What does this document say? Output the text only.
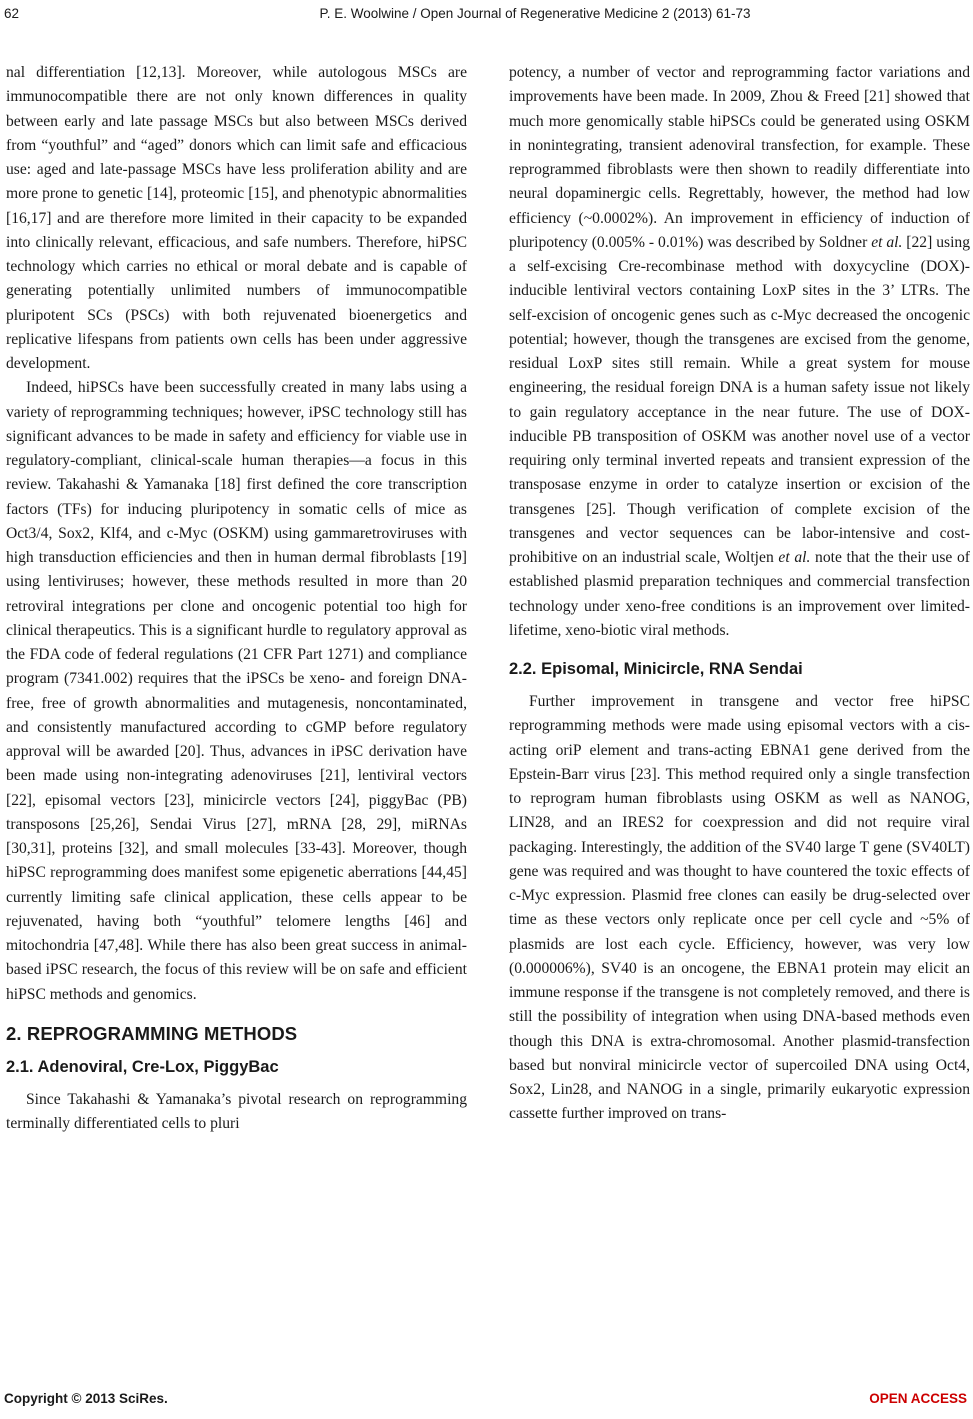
62	P. E. Woolwine / Open Journal of Regenerative Medicine 2 (2013) 61-73

nal differentiation [12,13]. Moreover, while autologous MSCs are immunocompatible there are not only known differences in quality between early and late passage MSCs but also between MSCs derived from “youthful” and “aged” donors which can limit safe and efficacious use: aged and late-passage MSCs have less proliferation ability and are more prone to genetic [14], proteomic [15], and phenotypic abnormalities [16,17] and are therefore more limited in their capacity to be expanded into clinically relevant, efficacious, and safe numbers. Therefore, hiPSC technology which carries no ethical or moral debate and is capable of generating potentially unlimited numbers of immunocompatible pluripotent SCs (PSCs) with both rejuvenated bioenergetics and replicative lifespans from patients own cells has been under aggressive development.

Indeed, hiPSCs have been successfully created in many labs using a variety of reprogramming techniques; however, iPSC technology still has significant advances to be made in safety and efficiency for viable use in regulatory-compliant, clinical-scale human therapies—a focus in this review. Takahashi & Yamanaka [18] first defined the core transcription factors (TFs) for inducing pluripotency in somatic cells of mice as Oct3/4, Sox2, Klf4, and c-Myc (OSKM) using gammaretroviruses with high transduction efficiencies and then in human dermal fibroblasts [19] using lentiviruses; however, these methods resulted in more than 20 retroviral integrations per clone and oncogenic potential too high for clinical therapeutics. This is a significant hurdle to regulatory approval as the FDA code of federal regulations (21 CFR Part 1271) and compliance program (7341.002) requires that the iPSCs be xeno- and foreign DNA-free, free of growth abnormalities and mutagenesis, noncontaminated, and consistently manufactured according to cGMP before regulatory approval will be awarded [20]. Thus, advances in iPSC derivation have been made using non-integrating adenoviruses [21], lentiviral vectors [22], episomal vectors [23], minicircle vectors [24], piggyBac (PB) transposons [25,26], Sendai Virus [27], mRNA [28, 29], miRNAs [30,31], proteins [32], and small molecules [33-43]. Moreover, though hiPSC reprogramming does manifest some epigenetic aberrations [44,45] currently limiting safe clinical application, these cells appear to be rejuvenated, having both “youthful” telomere lengths [46] and mitochondria [47,48]. While there has also been great success in animal-based iPSC research, the focus of this review will be on safe and efficient hiPSC methods and genomics.

2. REPROGRAMMING METHODS
2.1. Adenoviral, Cre-Lox, PiggyBac

Since Takahashi & Yamanaka’s pivotal research on reprogramming terminally differentiated cells to pluri

potency, a number of vector and reprogramming factor variations and improvements have been made. In 2009, Zhou & Freed [21] showed that much more genomically stable hiPSCs could be generated using OSKM in nonintegrating, transient adenoviral transfection, for example. These reprogrammed fibroblasts were then shown to readily differentiate into neural dopaminergic cells. Regrettably, however, the method had low efficiency (~0.0002%). An improvement in efficiency of induction of pluripotency (0.005% - 0.01%) was described by Soldner et al. [22] using a self-excising Cre-recombinase method with doxycycline (DOX)-inducible lentiviral vectors containing LoxP sites in the 3’ LTRs. The self-excision of oncogenic genes such as c-Myc decreased the oncogenic potential; however, though the transgenes are excised from the genome, residual LoxP sites still remain. While a great system for mouse engineering, the residual foreign DNA is a human safety issue not likely to gain regulatory acceptance in the near future. The use of DOX-inducible PB transposition of OSKM was another novel use of a vector requiring only terminal inverted repeats and transient expression of the transposase enzyme in order to catalyze insertion or excision of the transgenes [25]. Though verification of complete excision of the transgenes and vector sequences can be labor-intensive and cost-prohibitive on an industrial scale, Woltjen et al. note that the their use of established plasmid preparation techniques and commercial transfection technology under xeno-free conditions is an improvement over limited-lifetime, xeno-biotic viral methods.

2.2. Episomal, Minicircle, RNA Sendai

Further improvement in transgene and vector free hiPSC reprogramming methods were made using episomal vectors with a cis-acting oriP element and trans-acting EBNA1 gene derived from the Epstein-Barr virus [23]. This method required only a single transfection to reprogram human fibroblasts using OSKM as well as NANOG, LIN28, and an IRES2 for coexpression and did not require viral packaging. Interestingly, the addition of the SV40 large T gene (SV40LT) gene was required and was thought to have countered the toxic effects of c-Myc expression. Plasmid free clones can easily be drug-selected over time as these vectors only replicate once per cell cycle and ~5% of plasmids are lost each cycle. Efficiency, however, was very low (0.000006%), SV40 is an oncogene, the EBNA1 protein may elicit an immune response if the transgene is not completely removed, and there is still the possibility of integration when using DNA-based methods even though this DNA is extra-chromosomal. Another plasmid-transfection based but nonviral minicircle vector of supercoiled DNA using Oct4, Sox2, Lin28, and NANOG in a single, primarily eukaryotic expression cassette further improved on trans-

Copyright © 2013 SciRes.	OPEN ACCESS
